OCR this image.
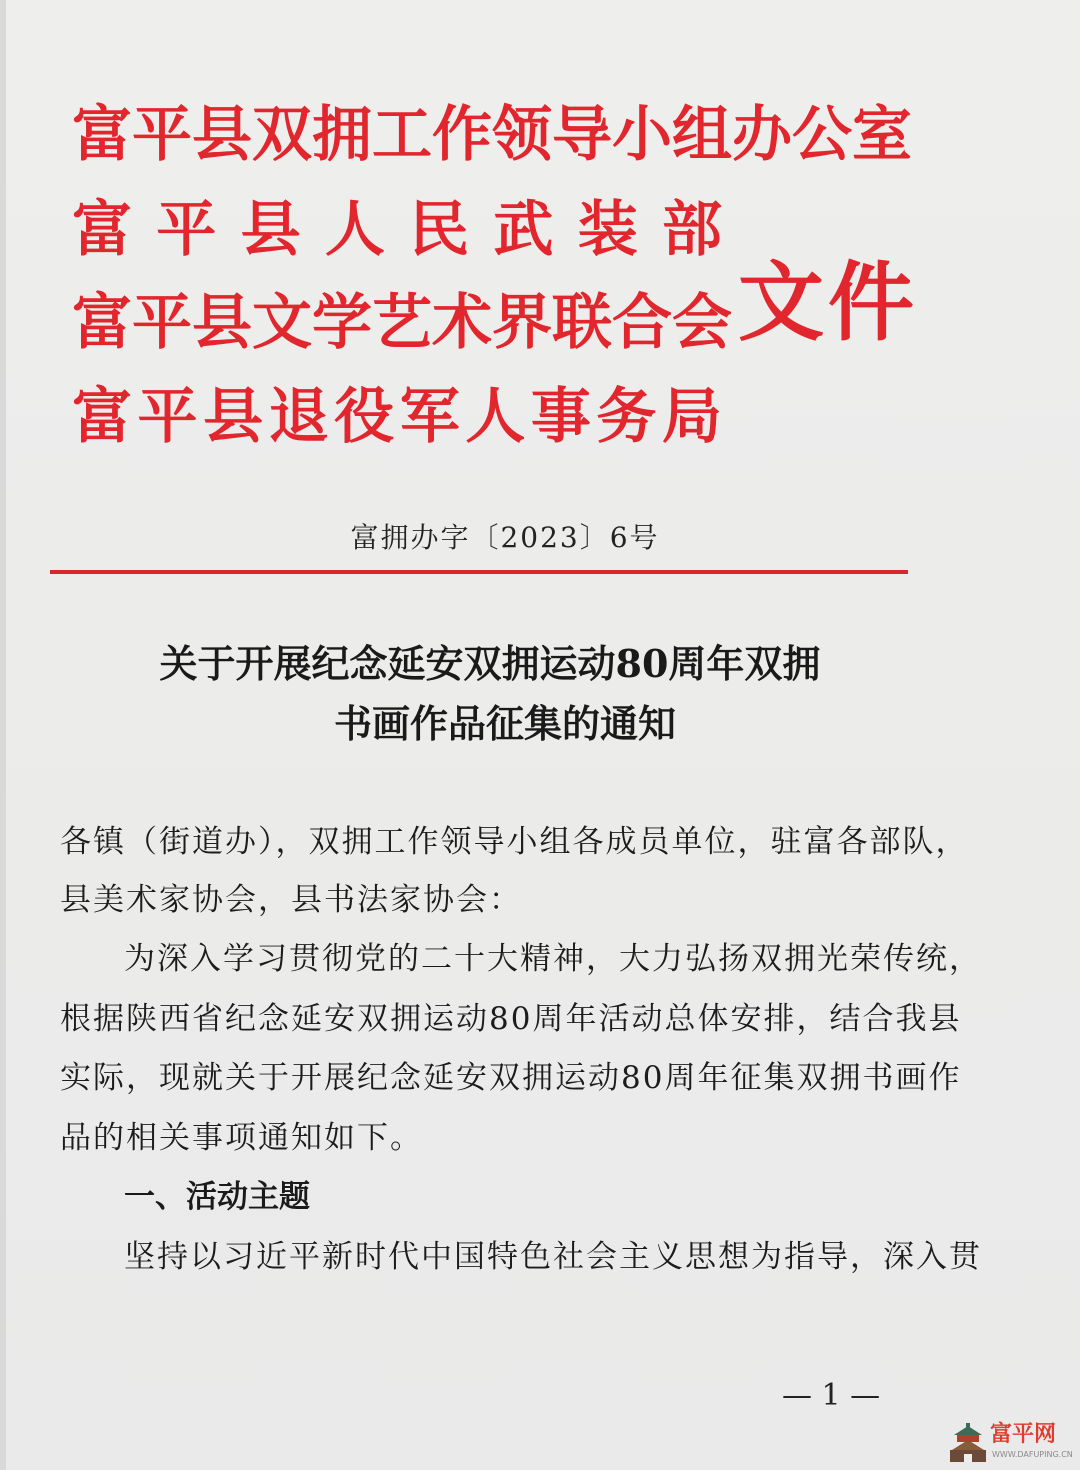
富 平 县 双 拥 工 作 领 导 小 组 办 公 室
富 平 县 人 民 武 装 部
富 平 县 文 学 艺 术 界 联 合 会
富 平 县 退 役 军 人 事 务 局
文件
富拥办字〔2023〕6号
关于开展纪念延安双拥运动80周年双拥
书画作品征集的通知
各镇（街道办），双拥工作领导小组各成员单位，驻富各部队，
县美术家协会，县书法家协会：
为深入学习贯彻党的二十大精神，大力弘扬双拥光荣传统，
根据陕西省纪念延安双拥运动80周年活动总体安排，结合我县
实际，现就关于开展纪念延安双拥运动80周年征集双拥书画作
品的相关事项通知如下。
一、活动主题
坚持以习近平新时代中国特色社会主义思想为指导，深入贯
— 1 —
富平网
WWW.DAFUPING.CN
